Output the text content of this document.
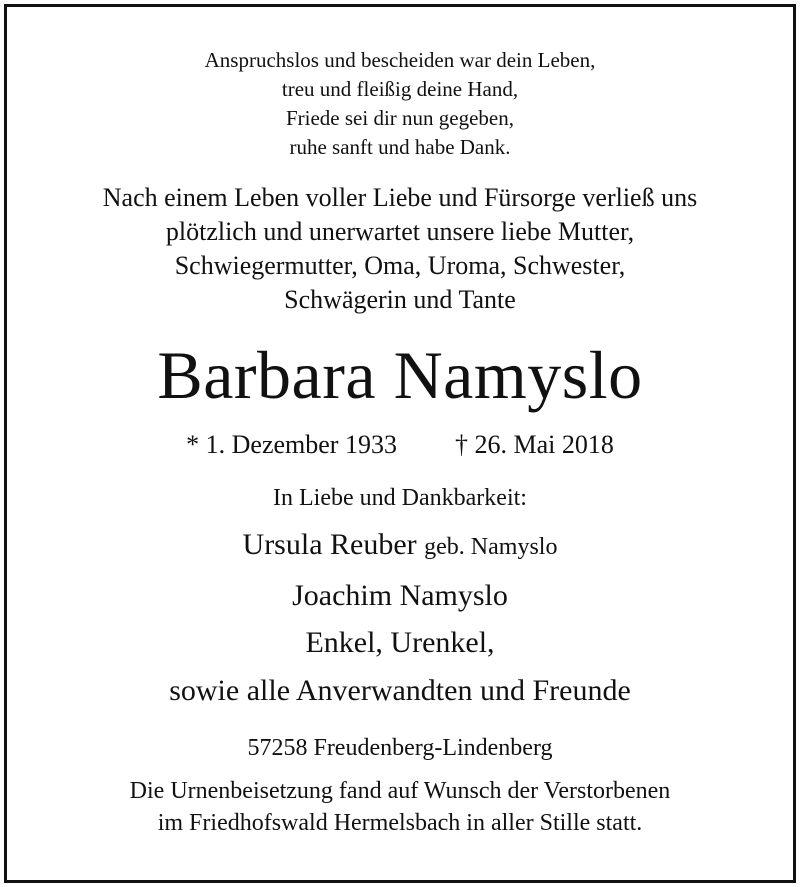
Anspruchslos und bescheiden war dein Leben,
treu und fleißig deine Hand,
Friede sei dir nun gegeben,
ruhe sanft und habe Dank.
Nach einem Leben voller Liebe und Fürsorge verließ uns
plötzlich und unerwartet unsere liebe Mutter,
Schwiegermutter, Oma, Uroma, Schwester,
Schwägerin und Tante
Barbara Namyslo
* 1. Dezember 1933 † 26. Mai 2018
In Liebe und Dankbarkeit:
Ursula Reuber geb. Namyslo
Joachim Namyslo
Enkel, Urenkel,
sowie alle Anverwandten und Freunde
57258 Freudenberg-Lindenberg
Die Urnenbeisetzung fand auf Wunsch der Verstorbenen
im Friedhofswald Hermelsbach in aller Stille statt.
